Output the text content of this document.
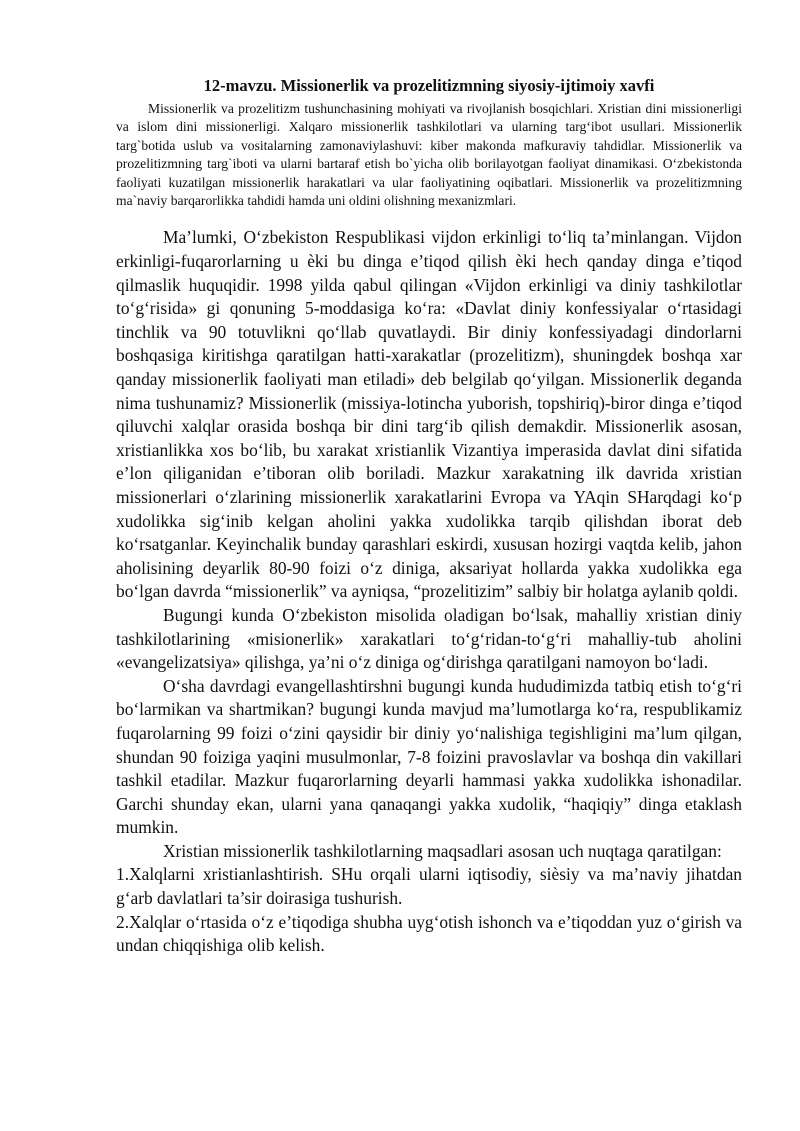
12-mavzu. Missionerlik va prozelitizmning siyosiy-ijtimoiy xavfi

Missionerlik va prozelitizm tushunchasining mohiyati va rivojlanish bosqichlari. Xristian dini missionerligi va islom dini missionerligi. Xalqaro missionerlik tashkilotlari va ularning targ‘ibot usullari. Missionerlik targ`botida uslub va vositalarning zamonaviylashuvi: kiber makonda mafkuraviy tahdidlar. Missionerlik va prozelitizmning targ`iboti va ularni bartaraf etish bo`yicha olib borilayotgan faoliyat dinamikasi. O‘zbekistonda faoliyati kuzatilgan missionerlik harakatlari va ular faoliyatining oqibatlari. Missionerlik va prozelitizmning ma`naviy barqarorlikka tahdidi hamda uni oldini olishning mexanizmlari.

Ma’lumki, O‘zbekiston Respublikasi vijdon erkinligi to‘liq ta’minlangan. Vijdon erkinligi-fuqarorlarning u èki bu dinga e’tiqod qilish èki hech qanday dinga e’tiqod qilmaslik huquqidir. 1998 yilda qabul qilingan «Vijdon erkinligi va diniy tashkilotlar to‘g‘risida» gi qonuning 5-moddasiga ko‘ra: «Davlat diniy konfessiyalar o‘rtasidagi tinchlik va 90 totuvlikni qo‘llab quvatlaydi. Bir diniy konfessiyadagi dindorlarni boshqasiga kiritishga qaratilgan hatti-xarakatlar (prozelitizm), shuningdek boshqa xar qanday missionerlik faoliyati man etiladi» deb belgilab qo‘yilgan. Missionerlik deganda nima tushunamiz? Missionerlik (missiya-lotincha yuborish, topshiriq)-biror dinga e’tiqod qiluvchi xalqlar orasida boshqa bir dini targ‘ib qilish demakdir. Missionerlik asosan, xristianlikka xos bo‘lib, bu xarakat xristianlik Vizantiya imperasida davlat dini sifatida e’lon qiliganidan e’tiboran olib boriladi. Mazkur xarakatning ilk davrida xristian missionerlari o‘zlarining missionerlik xarakatlarini Evropa va YAqin SHarqdagi ko‘p xudolikka sig‘inib kelgan aholini yakka xudolikka tarqib qilishdan iborat deb ko‘rsatganlar. Keyinchalik bunday qarashlari eskirdi, xususan hozirgi vaqtda kelib, jahon aholisining deyarlik 80-90 foizi o‘z diniga, aksariyat hollarda yakka xudolikka ega bo‘lgan davrda “missionerlik” va ayniqsa, “prozelitizim” salbiy bir holatga aylanib qoldi.

Bugungi kunda O‘zbekiston misolida oladigan bo‘lsak, mahalliy xristian diniy tashkilotlarining «misionerlik» xarakatlari to‘g‘ridan-to‘g‘ri mahalliy-tub aholini «evangelizatsiya» qilishga, ya’ni o‘z diniga og‘dirishga qaratilgani namoyon bo‘ladi.

O‘sha davrdagi evangellashtirshni bugungi kunda hududimizda tatbiq etish to‘g‘ri bo‘larmikan va shartmikan? bugungi kunda mavjud ma’lumotlarga ko‘ra, respublikamiz fuqarolarning 99 foizi o‘zini qaysidir bir diniy yo‘nalishiga tegishligini ma’lum qilgan, shundan 90 foiziga yaqini musulmonlar, 7-8 foizini pravoslavlar va boshqa din vakillari tashkil etadilar. Mazkur fuqarorlarning deyarli hammasi yakka xudolikka ishonadilar. Garchi shunday ekan, ularni yana qanaqangi yakka xudolik, “haqiqiy” dinga etaklash mumkin.

Xristian missionerlik tashkilotlarning maqsadlari asosan uch nuqtaga qaratilgan:

1.Xalqlarni xristianlashtirish. SHu orqali ularni iqtisodiy, sièsiy va ma’naviy jihatdan g‘arb davlatlari ta’sir doirasiga tushurish.

2.Xalqlar o‘rtasida o‘z e’tiqodiga shubha uyg‘otish ishonch va e’tiqoddan yuz o‘girish va undan chiqqishiga olib kelish.
